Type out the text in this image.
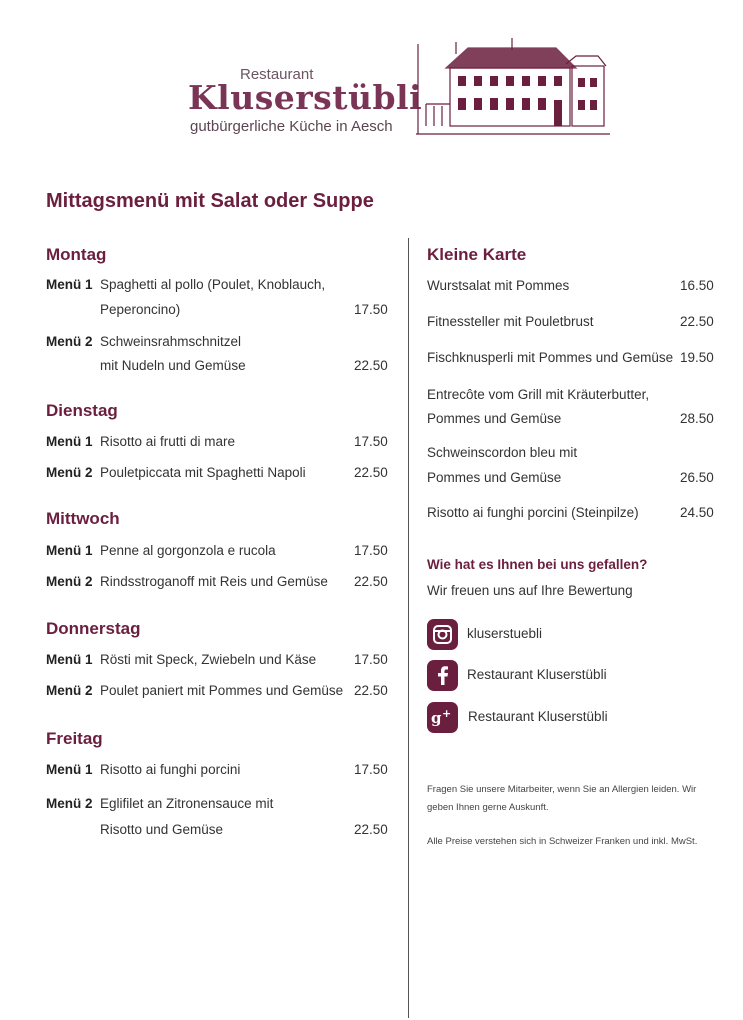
Restaurant
Kluserstübli
gutbürgerliche Küche in Aesch
Mittagsmenü mit Salat oder Suppe
Montag
Menü 1 Spaghetti al pollo (Poulet, Knoblauch,
Peperoncino)	17.50
Menü 2 Schweinsrahmschnitzel
mit Nudeln und Gemüse	22.50
Dienstag
Menü 1 Risotto ai frutti di mare	17.50
Menü 2 Pouletpiccata mit Spaghetti Napoli	22.50
Mittwoch
Menü 1 Penne al gorgonzola e rucola	17.50
Menü 2 Rindsstroganoff mit Reis und Gemüse 22.50
Donnerstag
Menü 1 Rösti mit Speck, Zwiebeln und Käse	17.50
Menü 2 Poulet paniert mit Pommes und Gemüse 22.50
Freitag
Menü 1 Risotto ai funghi porcini	17.50
Menü 2 Eglifilet an Zitronensauce mit
Risotto und Gemüse	22.50
Kleine Karte
Wurstsalat mit Pommes	16.50
Fitnessteller mit Pouletbrust	22.50
Fischknusperli mit Pommes und Gemüse 19.50
Entrecôte vom Grill mit Kräuterbutter,
Pommes und Gemüse	28.50
Schweinscordon bleu mit
Pommes und Gemüse	26.50
Risotto ai funghi porcini (Steinpilze)	24.50
Wie hat es Ihnen bei uns gefallen?
Wir freuen uns auf Ihre Bewertung
kluserstuebli
Restaurant Kluserstübli
g + Restaurant Kluserstübli
Fragen Sie unsere Mitarbeiter, wenn Sie an Allergien leiden. Wir geben Ihnen gerne Auskunft.
Alle Preise verstehen sich in Schweizer Franken und inkl. MwSt.
